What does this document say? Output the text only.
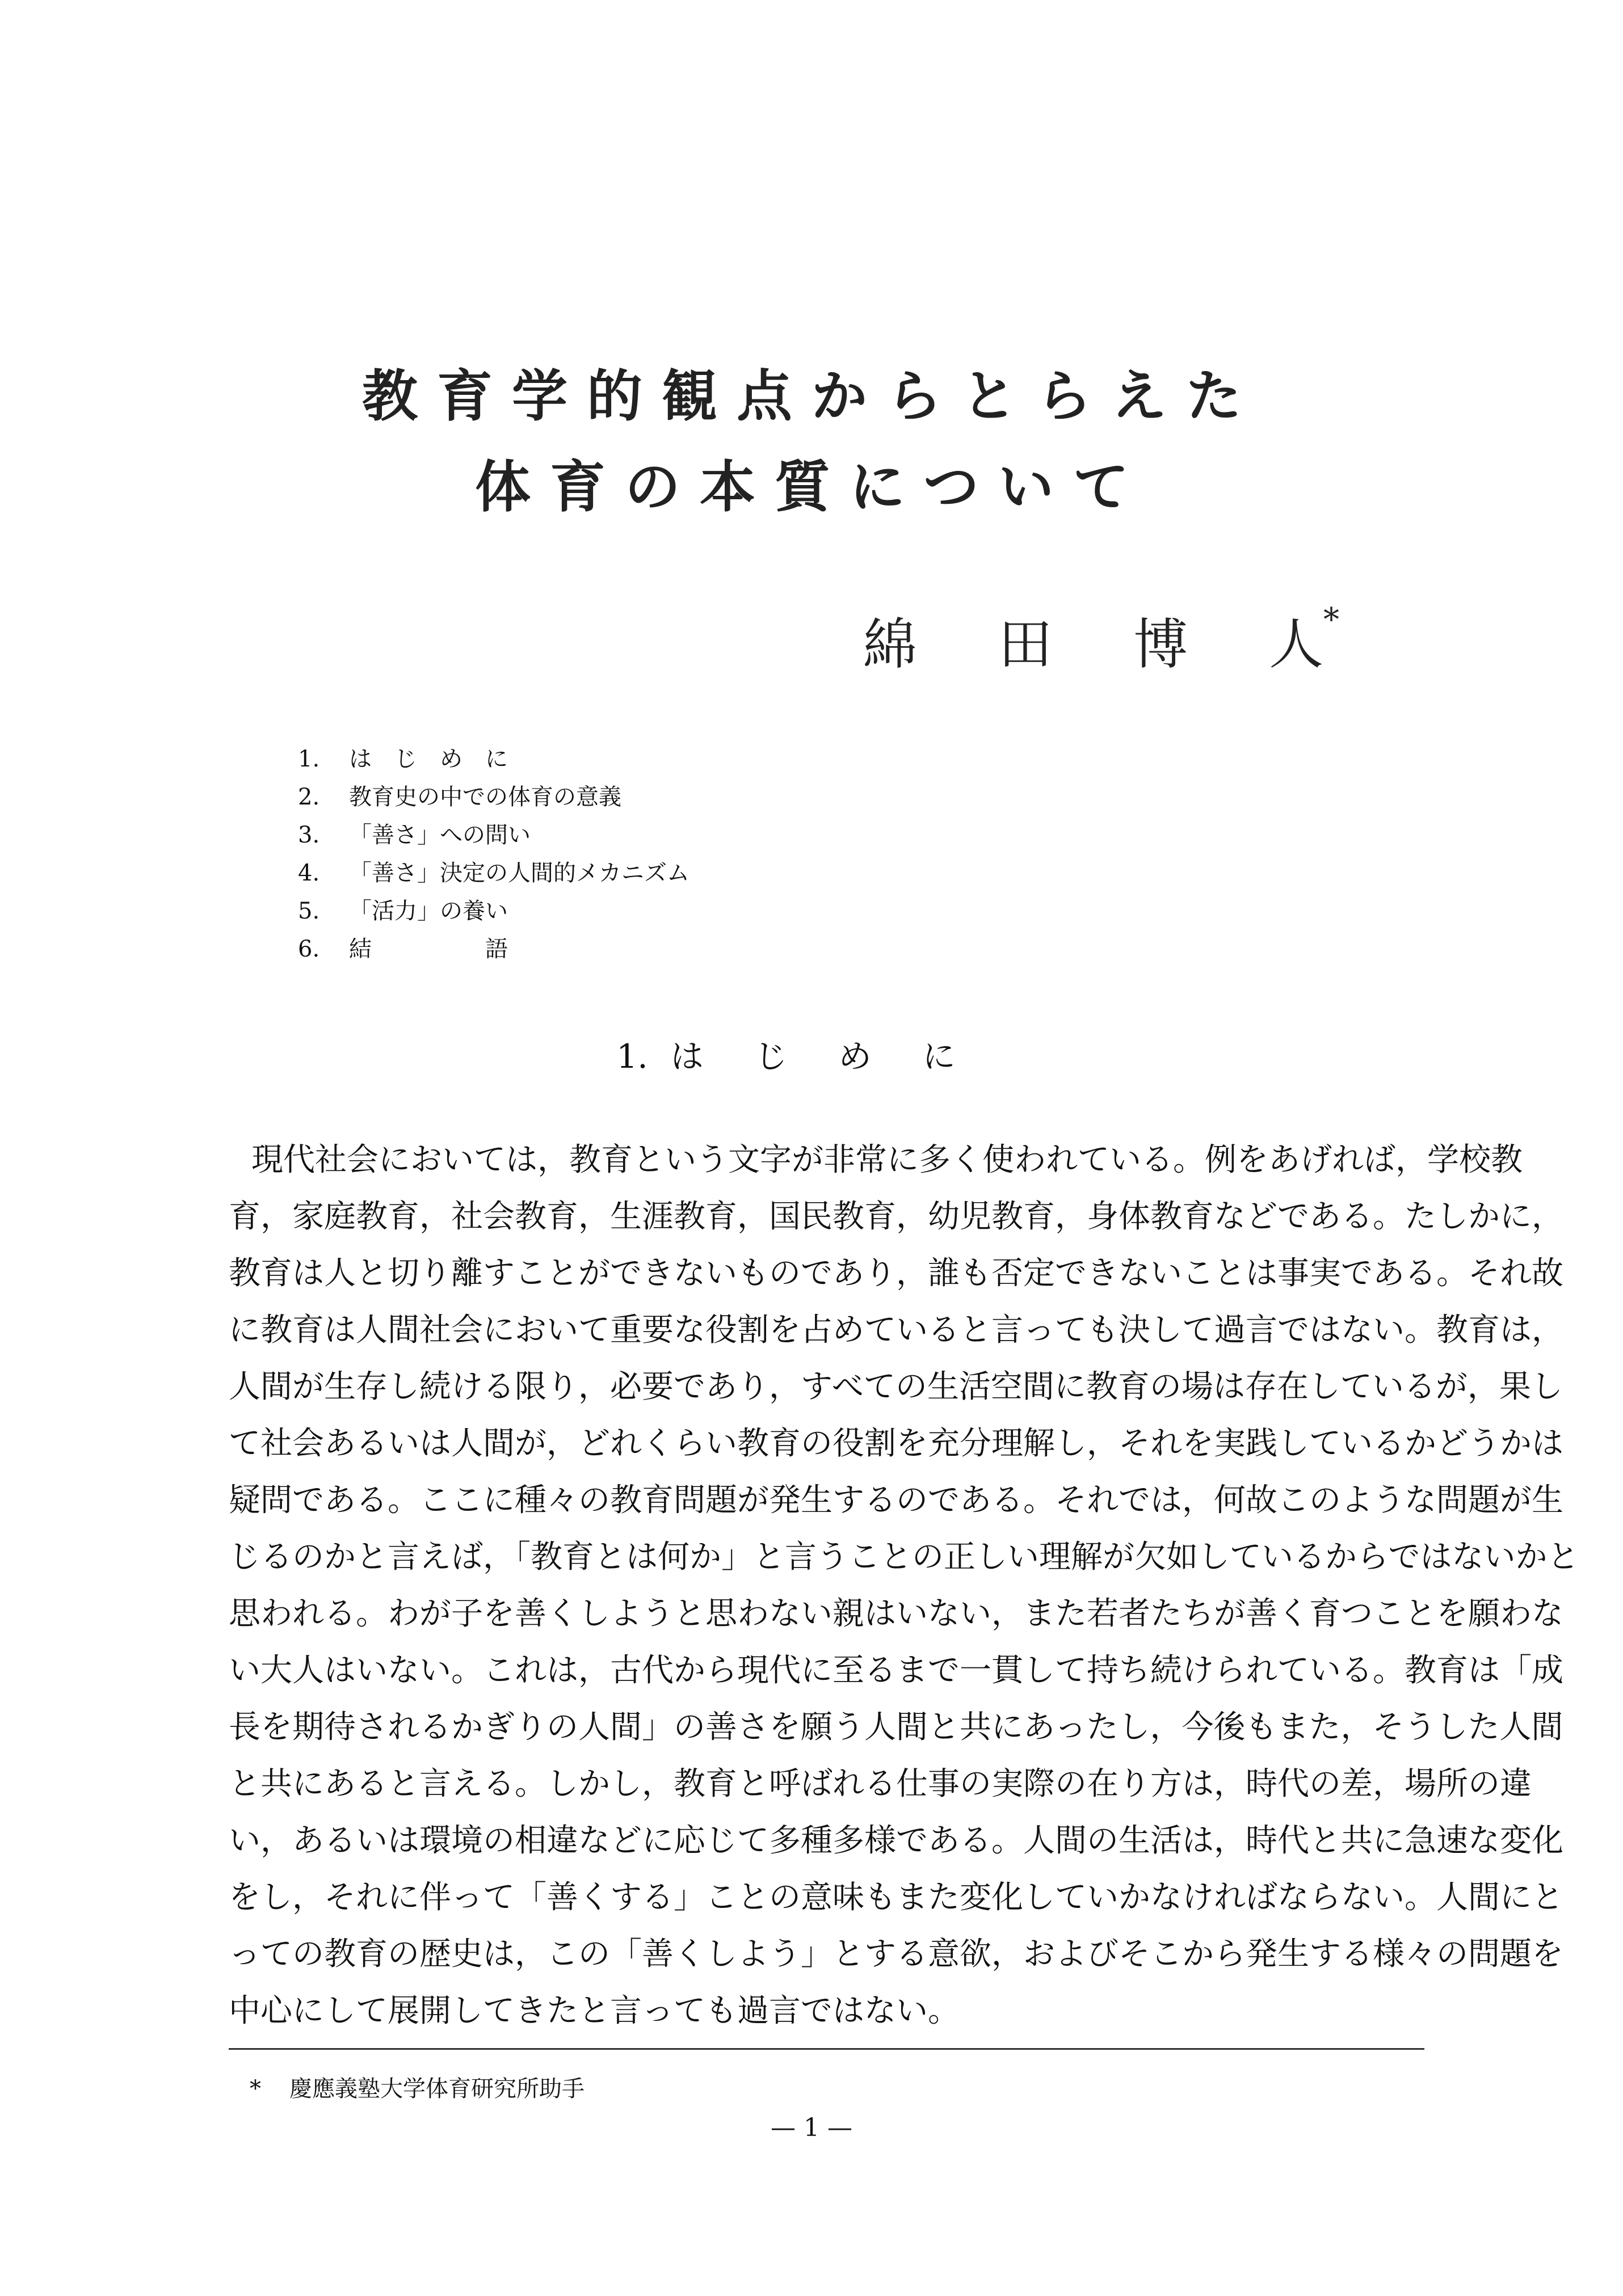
教育学的観点からとらえた
体育の本質について
綿 田 博 人*
1.	は　じ　め　に
2.	教育史の中での体育の意義
3.	「善さ」への問い
4.	「善さ」決定の人間的メカニズム
5.	「活力」の養い
6.	結　　　　　語
1. はじめに
現代社会においては，教育という文字が非常に多く使われている。例をあげれば，学校教
育，家庭教育，社会教育，生涯教育，国民教育，幼児教育，身体教育などである。たしかに，
教育は人と切り離すことができないものであり，誰も否定できないことは事実である。それ故
に教育は人間社会において重要な役割を占めていると言っても決して過言ではない。教育は，
人間が生存し続ける限り，必要であり，すべての生活空間に教育の場は存在しているが，果し
て社会あるいは人間が，どれくらい教育の役割を充分理解し，それを実践しているかどうかは
疑問である。ここに種々の教育問題が発生するのである。それでは，何故このような問題が生
じるのかと言えば，「教育とは何か」と言うことの正しい理解が欠如しているからではないかと
思われる。わが子を善くしようと思わない親はいない，また若者たちが善く育つことを願わな
い大人はいない。これは，古代から現代に至るまで一貫して持ち続けられている。教育は「成
長を期待されるかぎりの人間」の善さを願う人間と共にあったし，今後もまた，そうした人間
と共にあると言える。しかし，教育と呼ばれる仕事の実際の在り方は，時代の差，場所の違
い，あるいは環境の相違などに応じて多種多様である。人間の生活は，時代と共に急速な変化
をし，それに伴って「善くする」ことの意味もまた変化していかなければならない。人間にと
っての教育の歴史は，この「善くしよう」とする意欲，およびそこから発生する様々の問題を
中心にして展開してきたと言っても過言ではない。
* 慶應義塾大学体育研究所助手
— 1 —
